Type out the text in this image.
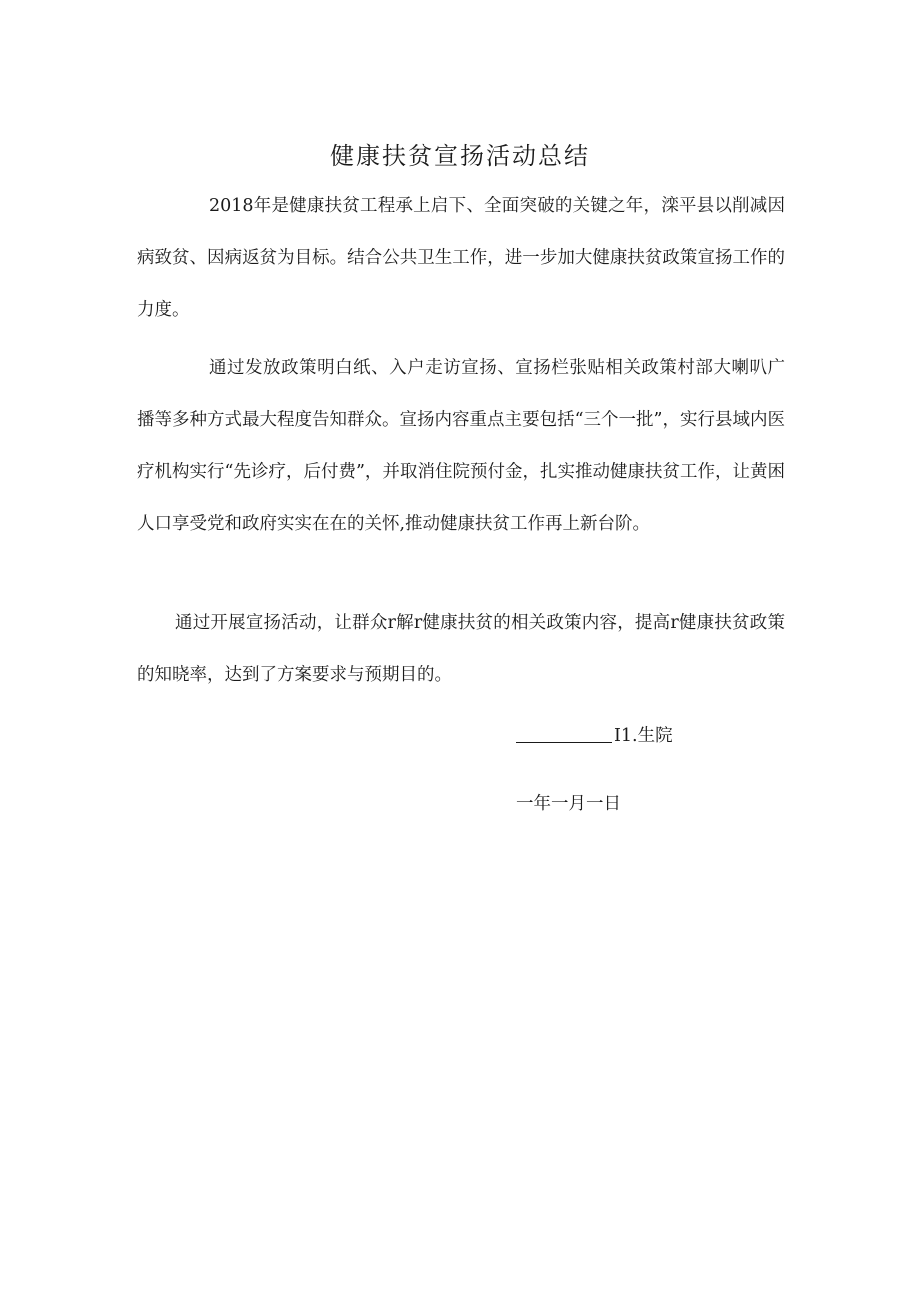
健康扶贫宣扬活动总结

2018年是健康扶贫工程承上启下、全面突破的关键之年，滦平县以削减因病致贫、因病返贫为目标。结合公共卫生工作，进一步加大健康扶贫政策宣扬工作的力度。

通过发放政策明白纸、入户走访宣扬、宣扬栏张贴相关政策村部大喇叭广播等多种方式最大程度告知群众。宣扬内容重点主要包括“三个一批”，实行县域内医疗机构实行“先诊疗，后付费”，并取消住院预付金，扎实推动健康扶贫工作，让黄困人口享受党和政府实实在在的关怀,推动健康扶贫工作再上新台阶。

通过开展宣扬活动，让群众r解r健康扶贫的相关政策内容，提高r健康扶贫政策的知晓率，达到了方案要求与预期目的。

I1.生院
一年一月一日
